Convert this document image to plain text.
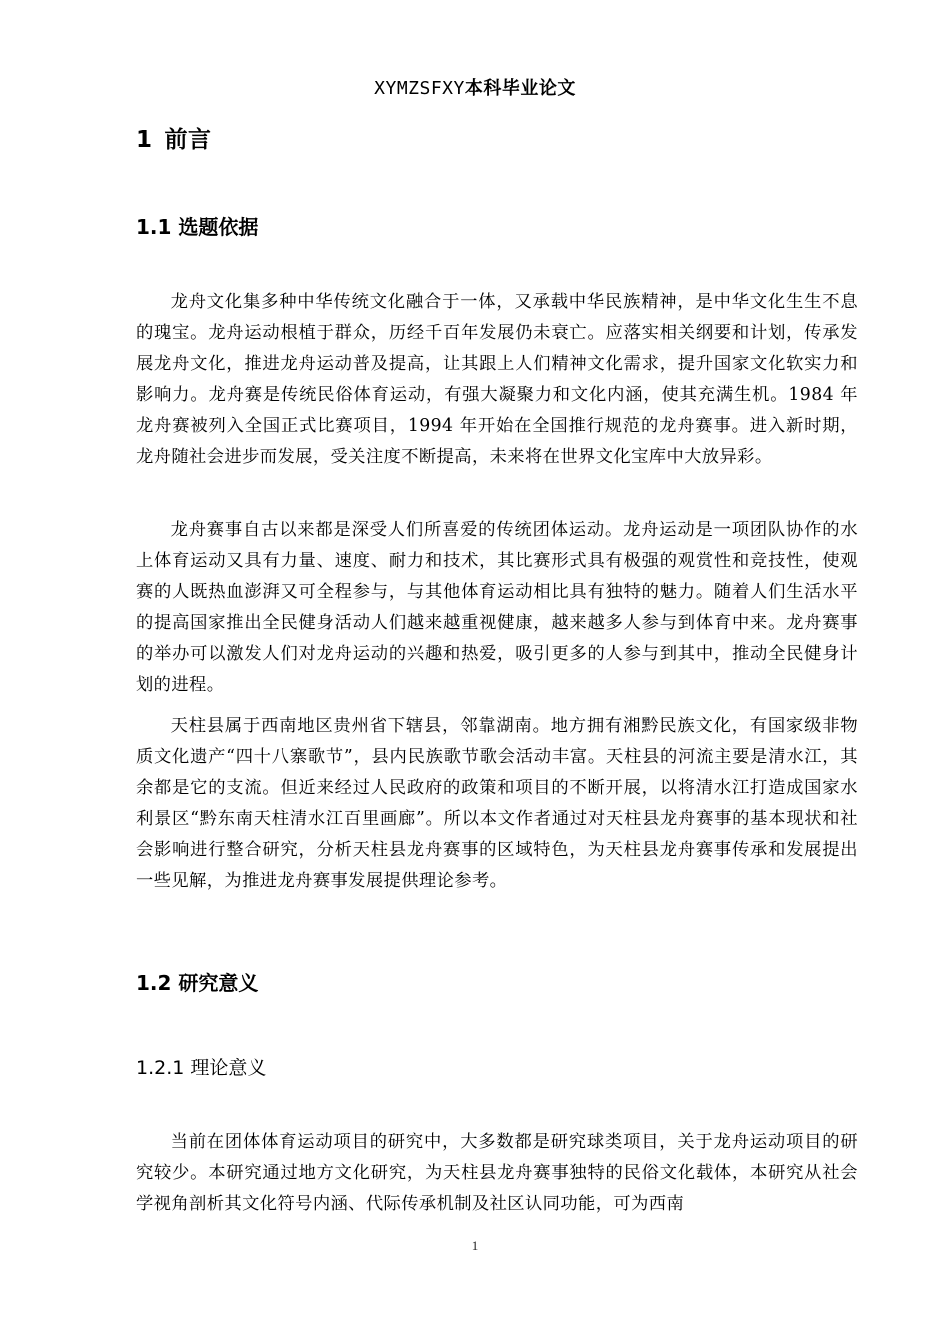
XYMZSFXY本科毕业论文
1 前言
1.1 选题依据

龙舟文化集多种中华传统文化融合于一体，又承载中华民族精神，是中华文化生生不息的瑰宝。龙舟运动根植于群众，历经千百年发展仍未衰亡。应落实相关纲要和计划，传承发展龙舟文化，推进龙舟运动普及提高，让其跟上人们精神文化需求，提升国家文化软实力和影响力。龙舟赛是传统民俗体育运动，有强大凝聚力和文化内涵，使其充满生机。1984 年龙舟赛被列入全国正式比赛项目，1994 年开始在全国推行规范的龙舟赛事。进入新时期，龙舟随社会进步而发展，受关注度不断提高，未来将在世界文化宝库中大放异彩。

龙舟赛事自古以来都是深受人们所喜爱的传统团体运动。龙舟运动是一项团队协作的水上体育运动又具有力量、速度、耐力和技术，其比赛形式具有极强的观赏性和竞技性，使观赛的人既热血澎湃又可全程参与，与其他体育运动相比具有独特的魅力。随着人们生活水平的提高国家推出全民健身活动人们越来越重视健康，越来越多人参与到体育中来。龙舟赛事的举办可以激发人们对龙舟运动的兴趣和热爱，吸引更多的人参与到其中，推动全民健身计划的进程。

天柱县属于西南地区贵州省下辖县，邻靠湖南。地方拥有湘黔民族文化，有国家级非物质文化遗产“四十八寨歌节”，县内民族歌节歌会活动丰富。天柱县的河流主要是清水江，其余都是它的支流。但近来经过人民政府的政策和项目的不断开展，以将清水江打造成国家水利景区“黔东南天柱清水江百里画廊”。所以本文作者通过对天柱县龙舟赛事的基本现状和社会影响进行整合研究，分析天柱县龙舟赛事的区域特色，为天柱县龙舟赛事传承和发展提出一些见解，为推进龙舟赛事发展提供理论参考。

1.2 研究意义
1.2.1 理论意义

当前在团体体育运动项目的研究中，大多数都是研究球类项目，关于龙舟运动项目的研究较少。本研究通过地方文化研究，为天柱县龙舟赛事独特的民俗文化载体，本研究从社会学视角剖析其文化符号内涵、代际传承机制及社区认同功能，可为西南

1
